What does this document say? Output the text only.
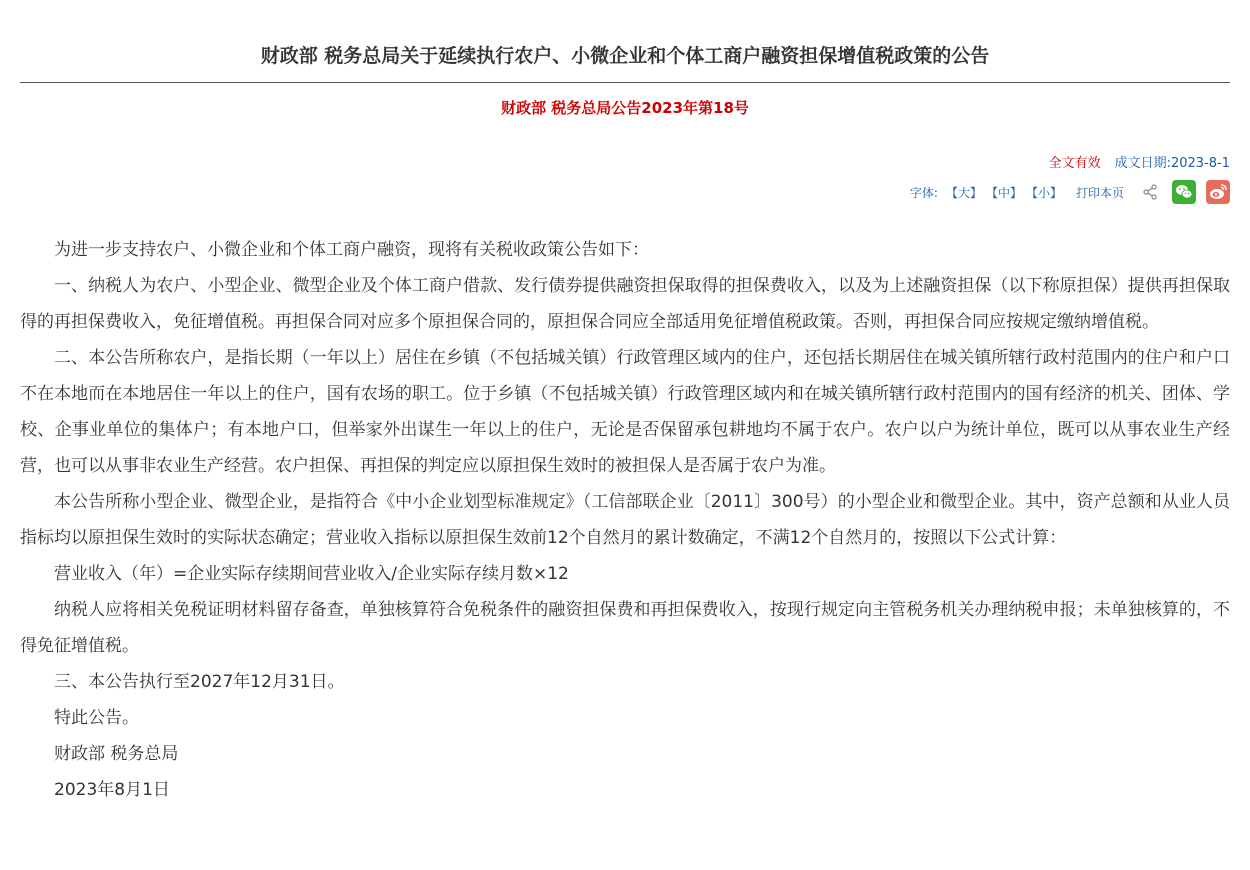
财政部 税务总局关于延续执行农户、小微企业和个体工商户融资担保增值税政策的公告
财政部 税务总局公告2023年第18号
全文有效 成文日期:2023-8-1
字体: 【大】 【中】 【小】 打印本页

为进一步支持农户、小微企业和个体工商户融资，现将有关税收政策公告如下：

一、纳税人为农户、小型企业、微型企业及个体工商户借款、发行债券提供融资担保取得的担保费收入，以及为上述融资担保（以下称原担保）提供再担保取得的再担保费收入，免征增值税。再担保合同对应多个原担保合同的，原担保合同应全部适用免征增值税政策。否则，再担保合同应按规定缴纳增值税。

二、本公告所称农户，是指长期（一年以上）居住在乡镇（不包括城关镇）行政管理区域内的住户，还包括长期居住在城关镇所辖行政村范围内的住户和户口不在本地而在本地居住一年以上的住户，国有农场的职工。位于乡镇（不包括城关镇）行政管理区域内和在城关镇所辖行政村范围内的国有经济的机关、团体、学校、企事业单位的集体户；有本地户口，但举家外出谋生一年以上的住户，无论是否保留承包耕地均不属于农户。农户以户为统计单位，既可以从事农业生产经营，也可以从事非农业生产经营。农户担保、再担保的判定应以原担保生效时的被担保人是否属于农户为准。

本公告所称小型企业、微型企业，是指符合《中小企业划型标准规定》（工信部联企业〔2011〕300号）的小型企业和微型企业。其中，资产总额和从业人员指标均以原担保生效时的实际状态确定；营业收入指标以原担保生效前12个自然月的累计数确定，不满12个自然月的，按照以下公式计算：

营业收入（年）=企业实际存续期间营业收入/企业实际存续月数×12

纳税人应将相关免税证明材料留存备查，单独核算符合免税条件的融资担保费和再担保费收入，按现行规定向主管税务机关办理纳税申报；未单独核算的，不得免征增值税。

三、本公告执行至2027年12月31日。

特此公告。

财政部 税务总局

2023年8月1日
